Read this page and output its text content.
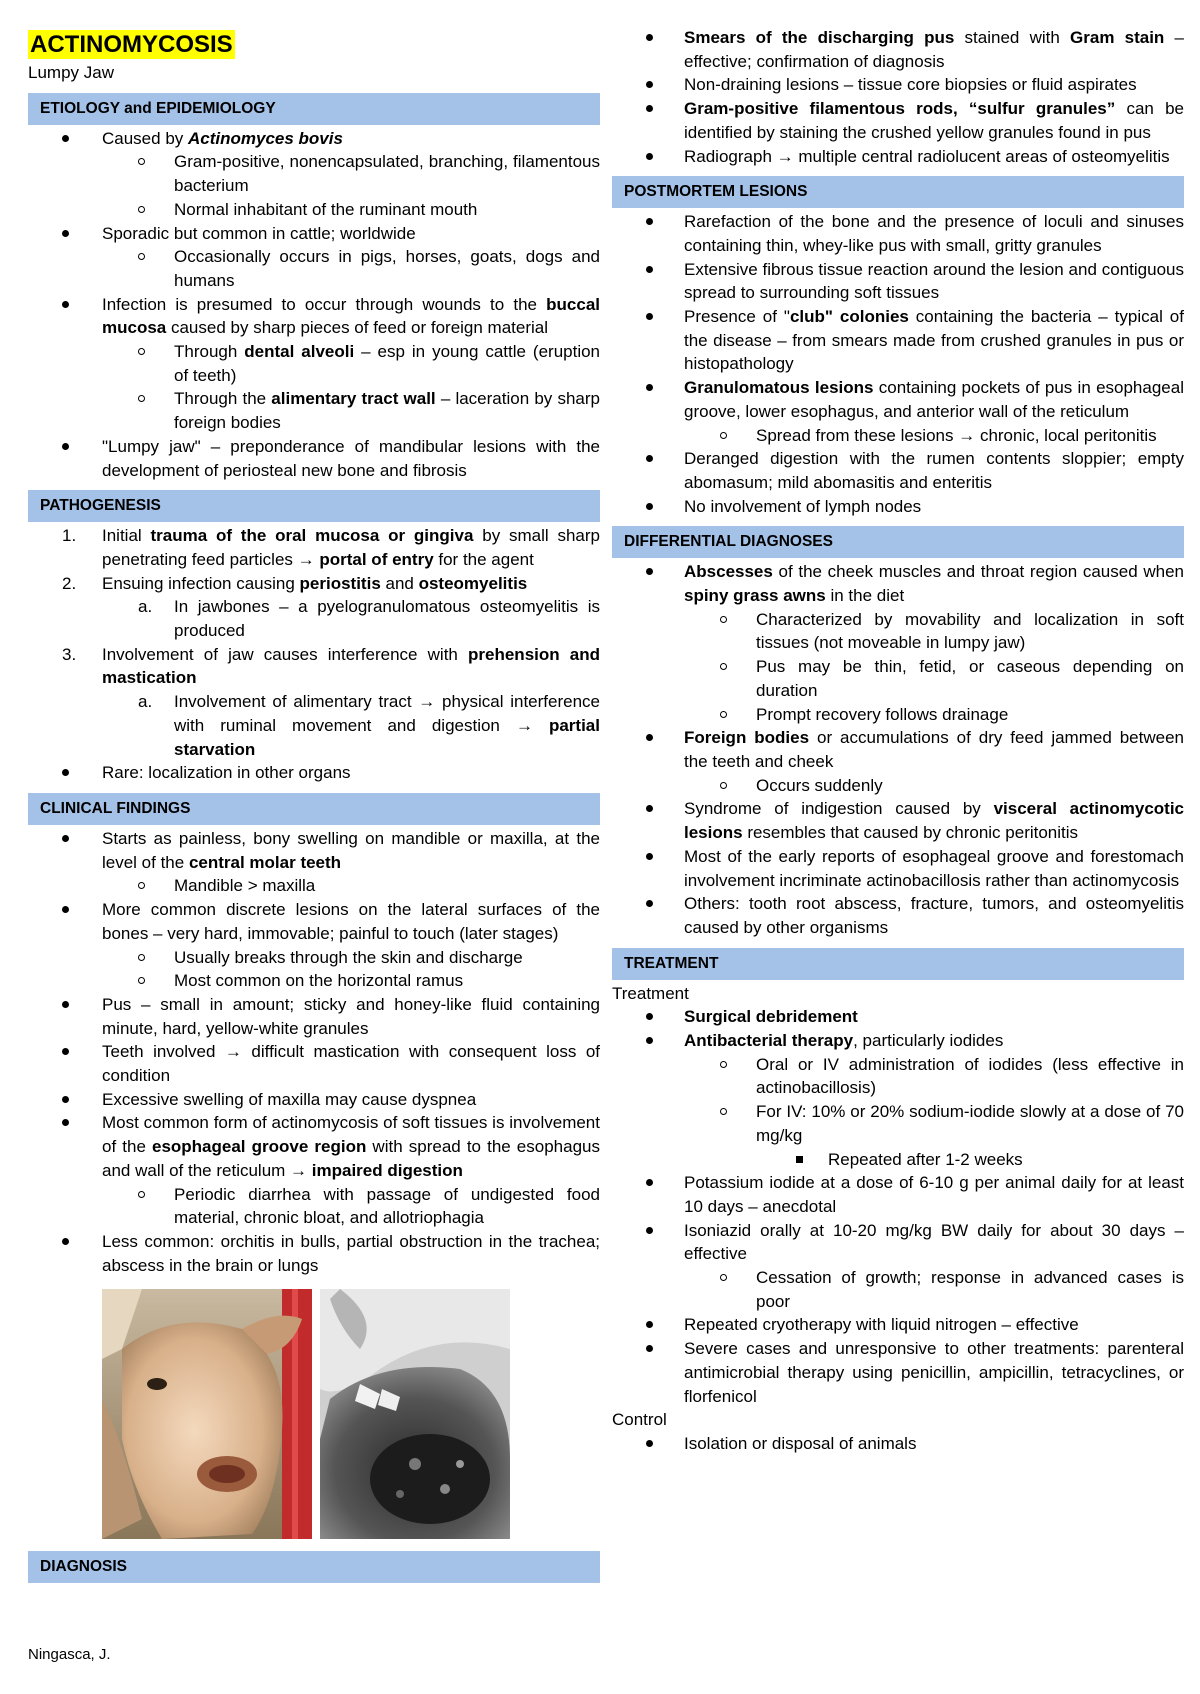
ACTINOMYCOSIS
Lumpy Jaw
ETIOLOGY and EPIDEMIOLOGY
Caused by Actinomyces bovis
Gram-positive, nonencapsulated, branching, filamentous bacterium
Normal inhabitant of the ruminant mouth
Sporadic but common in cattle; worldwide
Occasionally occurs in pigs, horses, goats, dogs and humans
Infection is presumed to occur through wounds to the buccal mucosa caused by sharp pieces of feed or foreign material
Through dental alveoli – esp in young cattle (eruption of teeth)
Through the alimentary tract wall – laceration by sharp foreign bodies
"Lumpy jaw" – preponderance of mandibular lesions with the development of periosteal new bone and fibrosis
PATHOGENESIS
1.	Initial trauma of the oral mucosa or gingiva by small sharp penetrating feed particles → portal of entry for the agent
2.	Ensuing infection causing periostitis and osteomyelitis
a.	In jawbones – a pyelogranulomatous osteomyelitis is produced
3.	Involvement of jaw causes interference with prehension and mastication
a.	Involvement of alimentary tract → physical interference with ruminal movement and digestion → partial starvation
Rare: localization in other organs
CLINICAL FINDINGS
Starts as painless, bony swelling on mandible or maxilla, at the level of the central molar teeth
Mandible > maxilla
More common discrete lesions on the lateral surfaces of the bones – very hard, immovable; painful to touch (later stages)
Usually breaks through the skin and discharge
Most common on the horizontal ramus
Pus – small in amount; sticky and honey-like fluid containing minute, hard, yellow-white granules
Teeth involved → difficult mastication with consequent loss of condition
Excessive swelling of maxilla may cause dyspnea
Most common form of actinomycosis of soft tissues is involvement of the esophageal groove region with spread to the esophagus and wall of the reticulum → impaired digestion
Periodic diarrhea with passage of undigested food material, chronic bloat, and allotriophagia
Less common: orchitis in bulls, partial obstruction in the trachea; abscess in the brain or lungs
DIAGNOSIS
Smears of the discharging pus stained with Gram stain – effective; confirmation of diagnosis
Non-draining lesions – tissue core biopsies or fluid aspirates
Gram-positive filamentous rods, “sulfur granules” can be identified by staining the crushed yellow granules found in pus
Radiograph → multiple central radiolucent areas of osteomyelitis
POSTMORTEM LESIONS
Rarefaction of the bone and the presence of loculi and sinuses containing thin, whey-like pus with small, gritty granules
Extensive fibrous tissue reaction around the lesion and contiguous spread to surrounding soft tissues
Presence of "club" colonies containing the bacteria – typical of the disease – from smears made from crushed granules in pus or histopathology
Granulomatous lesions containing pockets of pus in esophageal groove, lower esophagus, and anterior wall of the reticulum
Spread from these lesions → chronic, local peritonitis
Deranged digestion with the rumen contents sloppier; empty abomasum; mild abomasitis and enteritis
No involvement of lymph nodes
DIFFERENTIAL DIAGNOSES
Abscesses of the cheek muscles and throat region caused when spiny grass awns in the diet
Characterized by movability and localization in soft tissues (not moveable in lumpy jaw)
Pus may be thin, fetid, or caseous depending on duration
Prompt recovery follows drainage
Foreign bodies or accumulations of dry feed jammed between the teeth and cheek
Occurs suddenly
Syndrome of indigestion caused by visceral actinomycotic lesions resembles that caused by chronic peritonitis
Most of the early reports of esophageal groove and forestomach involvement incriminate actinobacillosis rather than actinomycosis
Others: tooth root abscess, fracture, tumors, and osteomyelitis caused by other organisms
TREATMENT
Treatment
Surgical debridement
Antibacterial therapy, particularly iodides
Oral or IV administration of iodides (less effective in actinobacillosis)
For IV: 10% or 20% sodium-iodide slowly at a dose of 70 mg/kg
Repeated after 1-2 weeks
Potassium iodide at a dose of 6-10 g per animal daily for at least 10 days – anecdotal
Isoniazid orally at 10-20 mg/kg BW daily for about 30 days – effective
Cessation of growth; response in advanced cases is poor
Repeated cryotherapy with liquid nitrogen – effective
Severe cases and unresponsive to other treatments: parenteral antimicrobial therapy using penicillin, ampicillin, tetracyclines, or florfenicol
Control
Isolation or disposal of animals
Ningasca, J.
